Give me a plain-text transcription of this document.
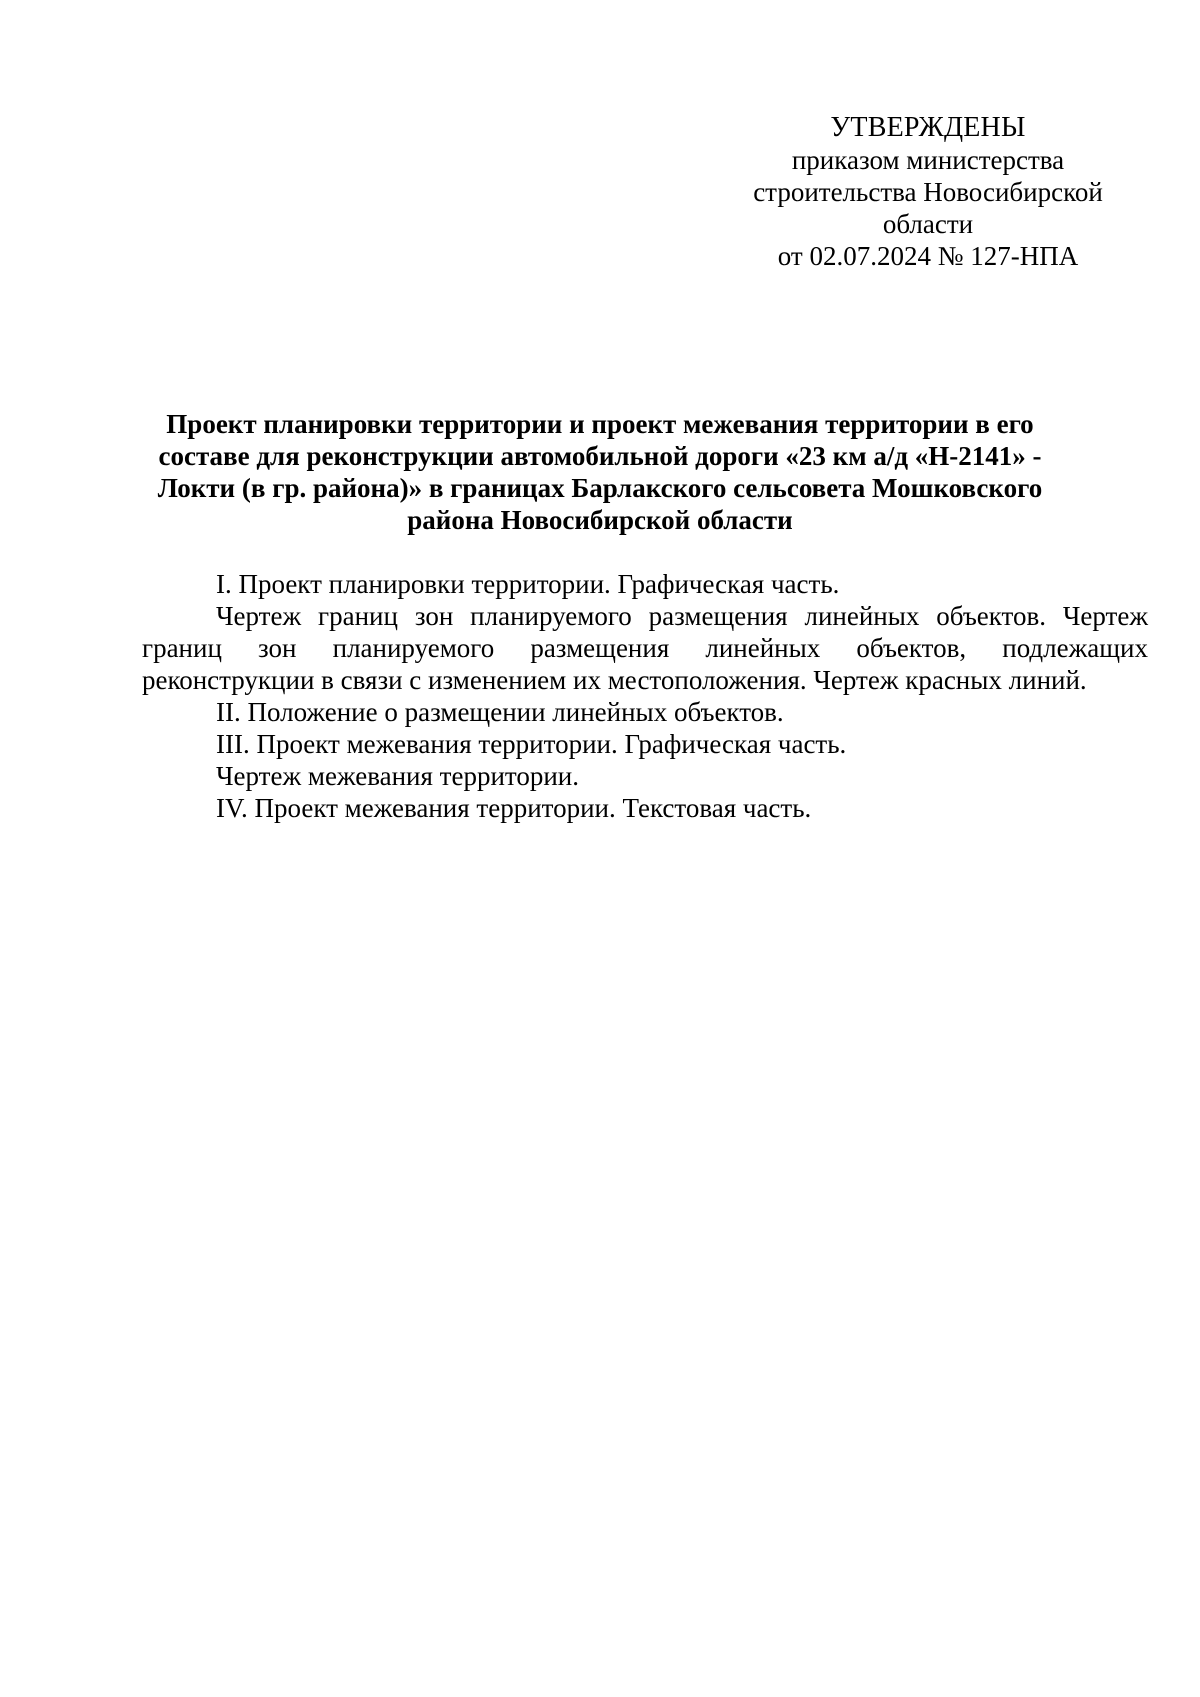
УТВЕРЖДЕНЫ
приказом министерства
строительства Новосибирской
области
от 02.07.2024 № 127-НПА
Проект планировки территории и проект межевания территории в его
составе для реконструкции автомобильной дороги «23 км а/д «Н-2141» -
Локти (в гр. района)» в границах Барлакского сельсовета Мошковского
района Новосибирской области

I. Проект планировки территории. Графическая часть.

Чертеж границ зон планируемого размещения линейных объектов. Чертеж
границ зон планируемого размещения линейных объектов, подлежащих
реконструкции в связи с изменением их местоположения. Чертеж красных линий.

II. Положение о размещении линейных объектов.

III. Проект межевания территории. Графическая часть.

Чертеж межевания территории.

IV. Проект межевания территории. Текстовая часть.
